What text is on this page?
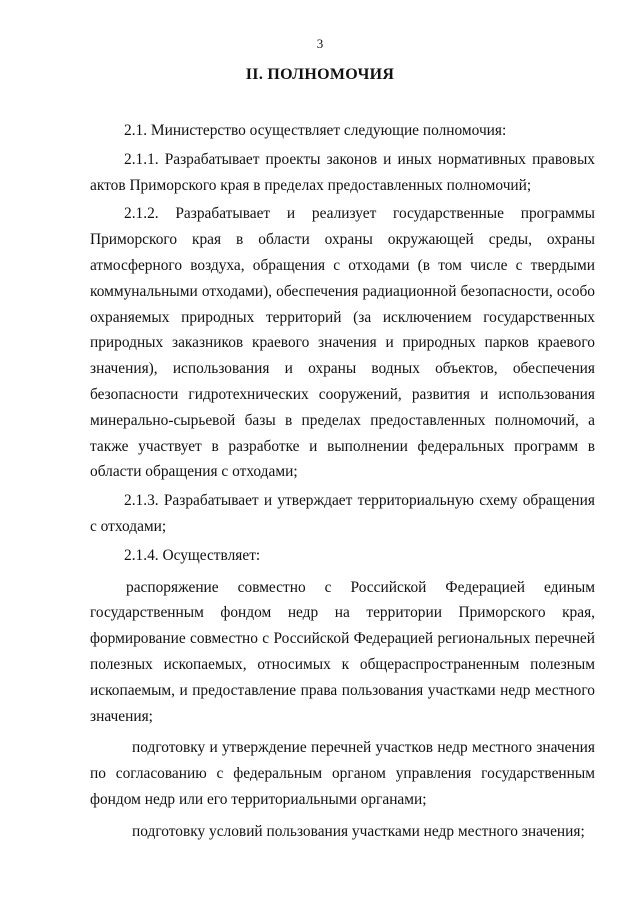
3
II. ПОЛНОМОЧИЯ

2.1. Министерство осуществляет следующие полномочия:

2.1.1. Разрабатывает проекты законов и иных нормативных правовых актов Приморского края в пределах предоставленных полномочий;

2.1.2. Разрабатывает и реализует государственные программы Приморского края в области охраны окружающей среды, охраны атмосферного воздуха, обращения с отходами (в том числе с твердыми коммунальными отходами), обеспечения радиационной безопасности, особо охраняемых природных территорий (за исключением государственных природных заказников краевого значения и природных парков краевого значения), использования и охраны водных объектов, обеспечения безопасности гидротехнических сооружений, развития и использования минерально-сырьевой базы в пределах предоставленных полномочий, а также участвует в разработке и выполнении федеральных программ в области обращения с отходами;

2.1.3. Разрабатывает и утверждает территориальную схему обращения с отходами;

2.1.4. Осуществляет:

распоряжение совместно с Российской Федерацией единым государственным фондом недр на территории Приморского края, формирование совместно с Российской Федерацией региональных перечней полезных ископаемых, относимых к общераспространенным полезным ископаемым, и предоставление права пользования участками недр местного значения;

подготовку и утверждение перечней участков недр местного значения по согласованию с федеральным органом управления государственным фондом недр или его территориальными органами;

подготовку условий пользования участками недр местного значения;
